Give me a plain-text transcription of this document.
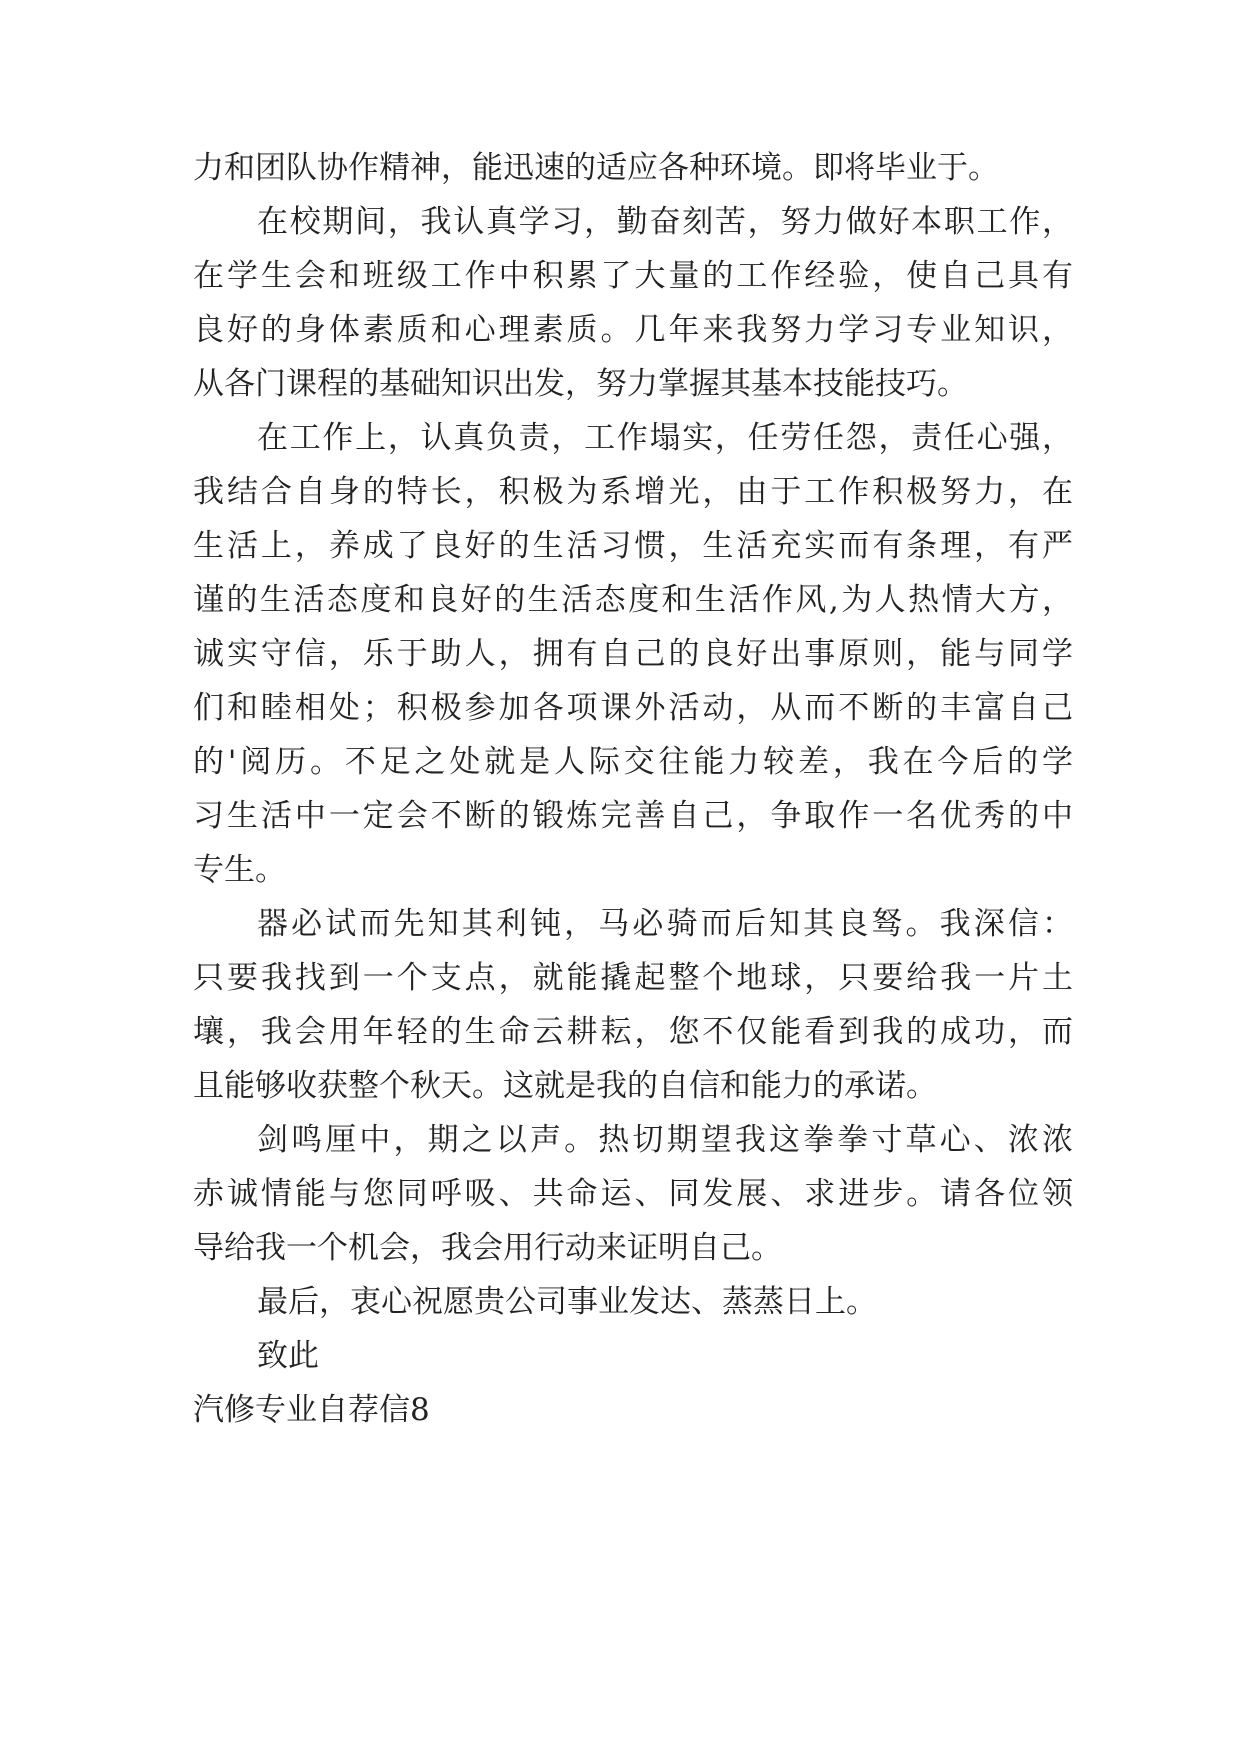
力和团队协作精神，能迅速的适应各种环境。即将毕业于。

在校期间，我认真学习，勤奋刻苦，努力做好本职工作，

在学生会和班级工作中积累了大量的工作经验，使自己具有

良好的身体素质和心理素质。几年来我努力学习专业知识，

从各门课程的基础知识出发，努力掌握其基本技能技巧。

在工作上，认真负责，工作塌实，任劳任怨，责任心强，

我结合自身的特长，积极为系增光，由于工作积极努力，在

生活上，养成了良好的生活习惯，生活充实而有条理，有严

谨的生活态度和良好的生活态度和生活作风,为人热情大方，

诚实守信，乐于助人，拥有自己的良好出事原则，能与同学

们和睦相处；积极参加各项课外活动，从而不断的丰富自己

的'阅历。不足之处就是人际交往能力较差，我在今后的学

习生活中一定会不断的锻炼完善自己，争取作一名优秀的中

专生。

器必试而先知其利钝，马必骑而后知其良驽。我深信：

只要我找到一个支点，就能撬起整个地球，只要给我一片土

壤，我会用年轻的生命云耕耘，您不仅能看到我的成功，而

且能够收获整个秋天。这就是我的自信和能力的承诺。

剑鸣厘中，期之以声。热切期望我这拳拳寸草心、浓浓

赤诚情能与您同呼吸、共命运、同发展、求进步。请各位领

导给我一个机会，我会用行动来证明自己。

最后，衷心祝愿贵公司事业发达、蒸蒸日上。

致此

汽修专业自荐信8
